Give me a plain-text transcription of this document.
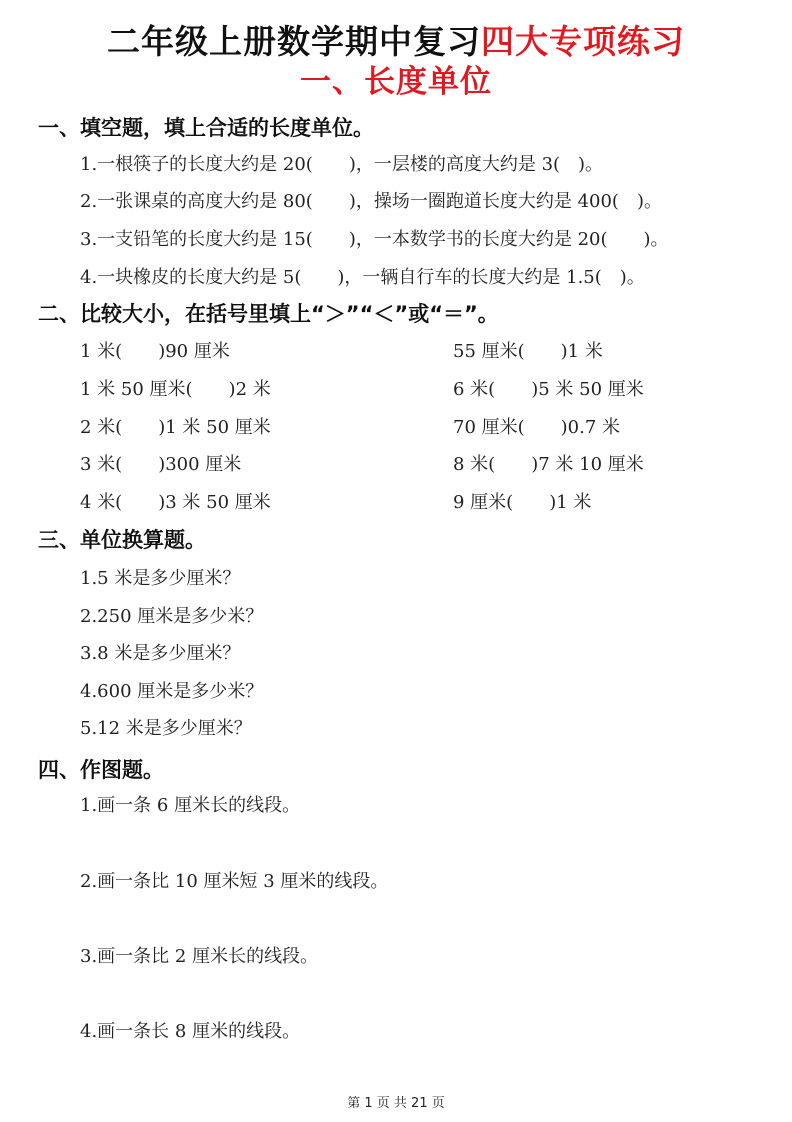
二年级上册数学期中复习四大专项练习
一、长度单位
一、填空题，填上合适的长度单位。
1.一根筷子的长度大约是 20(　　)，一层楼的高度大约是 3(　)。
2.一张课桌的高度大约是 80(　　)，操场一圈跑道长度大约是 400(　)。
3.一支铅笔的长度大约是 15(　　)，一本数学书的长度大约是 20(　　)。
4.一块橡皮的长度大约是 5(　　)，一辆自行车的长度大约是 1.5(　)。
二、比较大小，在括号里填上“＞”“＜”或“＝”。
1 米(　　)90 厘米
1 米 50 厘米(　　)2 米
2 米(　　)1 米 50 厘米
3 米(　　)300 厘米
4 米(　　)3 米 50 厘米
55 厘米(　　)1 米
6 米(　　)5 米 50 厘米
70 厘米(　　)0.7 米
8 米(　　)7 米 10 厘米
9 厘米(　　)1 米
三、单位换算题。
1.5 米是多少厘米？
2.250 厘米是多少米？
3.8 米是多少厘米？
4.600 厘米是多少米？
5.12 米是多少厘米？
四、作图题。
1.画一条 6 厘米长的线段。
2.画一条比 10 厘米短 3 厘米的线段。
3.画一条比 2 厘米长的线段。
4.画一条长 8 厘米的线段。
第 1 页 共 21 页
